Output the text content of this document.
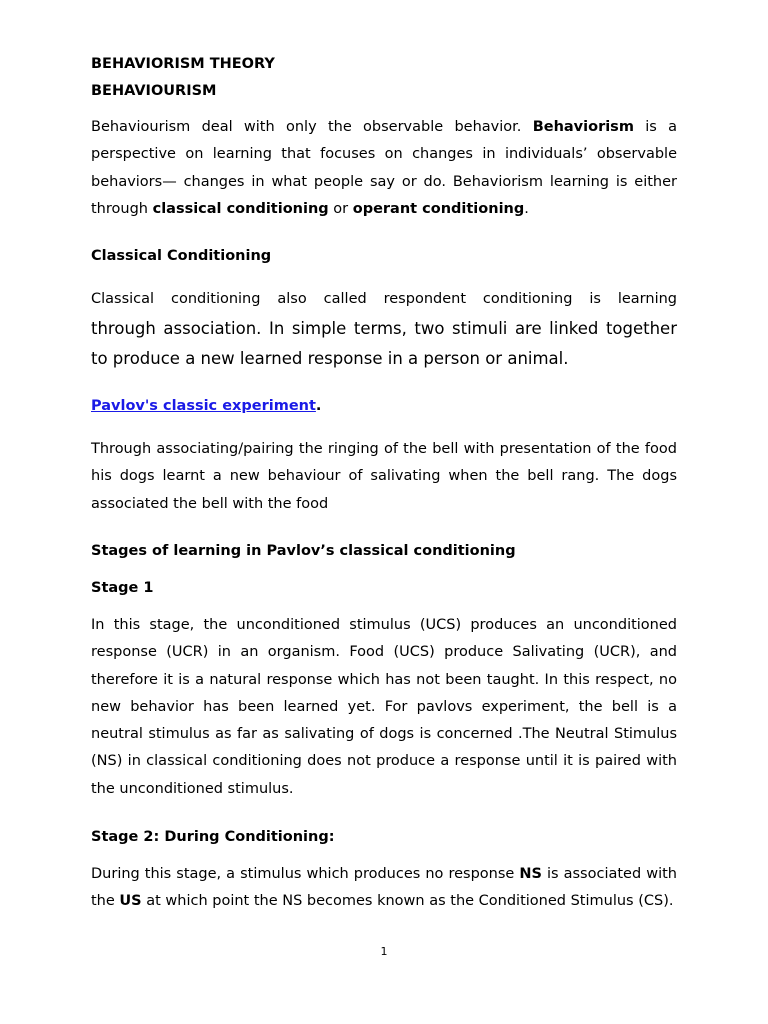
BEHAVIORISM THEORY

BEHAVIOURISM

Behaviourism deal with only the observable behavior. Behaviorism is a perspective on learning that focuses on changes in individuals’ observable behaviors— changes in what people say or do. Behaviorism learning is either through classical conditioning or operant conditioning.

Classical Conditioning

Classical conditioning also called respondent conditioning is learning

through association. In simple terms, two stimuli are linked together to produce a new learned response in a person or animal.

Pavlov's classic experiment.

Through associating/pairing the ringing of the bell with presentation of the food his dogs learnt a new behaviour of salivating when the bell rang. The dogs associated the bell with the food

Stages of learning in Pavlov’s classical conditioning

Stage 1

In this stage, the unconditioned stimulus (UCS) produces an unconditioned response (UCR) in an organism. Food (UCS) produce Salivating (UCR), and therefore it is a natural response which has not been taught. In this respect, no new behavior has been learned yet. For pavlovs experiment, the bell is a neutral stimulus as far as salivating of dogs is concerned .The Neutral Stimulus (NS) in classical conditioning does not produce a response until it is paired with the unconditioned stimulus.

Stage 2: During Conditioning:

During this stage, a stimulus which produces no response NS is associated with the US at which point the NS becomes known as the Conditioned Stimulus (CS).

1
